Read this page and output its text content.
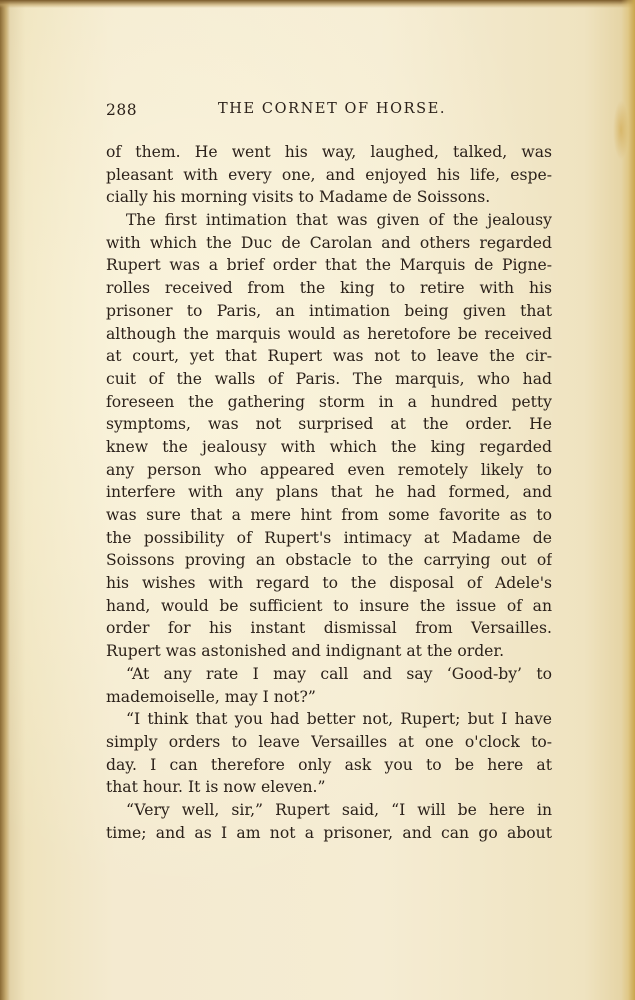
288	THE CORNET OF HORSE.
of them. He went his way, laughed, talked, was
pleasant with every one, and enjoyed his life, espe-
cially his morning visits to Madame de Soissons.
The first intimation that was given of the jealousy
with which the Duc de Carolan and others regarded
Rupert was a brief order that the Marquis de Pigne-
rolles received from the king to retire with his
prisoner to Paris, an intimation being given that
although the marquis would as heretofore be received
at court, yet that Rupert was not to leave the cir-
cuit of the walls of Paris. The marquis, who had
foreseen the gathering storm in a hundred petty
symptoms, was not surprised at the order. He
knew the jealousy with which the king regarded
any person who appeared even remotely likely to
interfere with any plans that he had formed, and
was sure that a mere hint from some favorite as to
the possibility of Rupert's intimacy at Madame de
Soissons proving an obstacle to the carrying out of
his wishes with regard to the disposal of Adele's
hand, would be sufficient to insure the issue of an
order for his instant dismissal from Versailles.
Rupert was astonished and indignant at the order.
“At any rate I may call and say ‘Good-by’ to
mademoiselle, may I not?”
“I think that you had better not, Rupert; but I have
simply orders to leave Versailles at one o'clock to-
day. I can therefore only ask you to be here at
that hour. It is now eleven.”
“Very well, sir,” Rupert said, “I will be here in
time; and as I am not a prisoner, and can go about
